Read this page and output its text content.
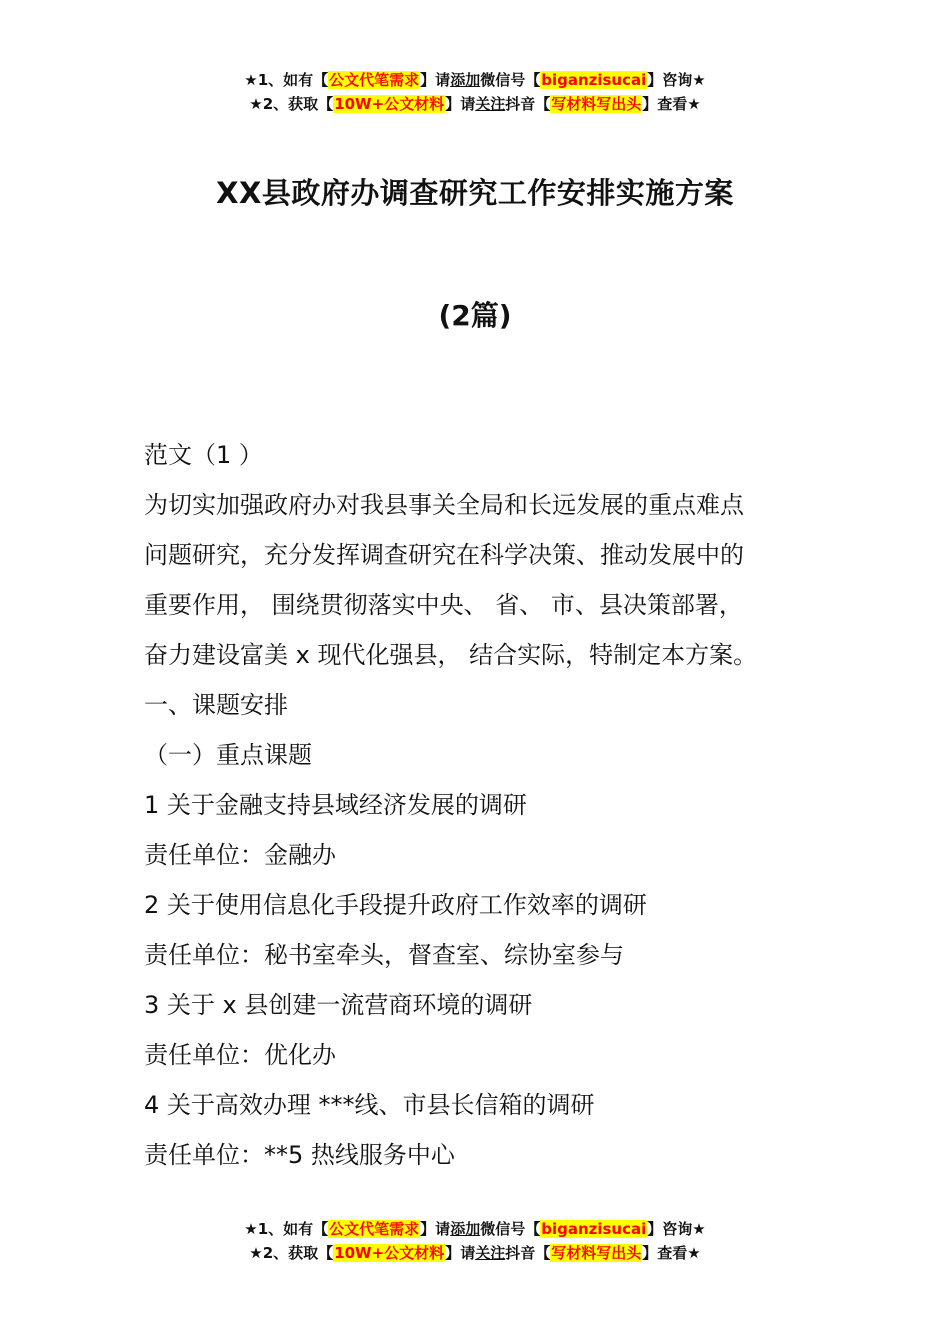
★1、如有【公文代笔需求】请添加微信号【biganzisucai】咨询★
★2、获取【10W+公文材料】请关注抖音【写材料写出头】查看★
XX县政府办调查研究工作安排实施方案
(2篇)

范文（1 ）

为切实加强政府办对我县事关全局和长远发展的重点难点

问题研究，充分发挥调查研究在科学决策、推动发展中的

重要作用， 围绕贯彻落实中央、 省、 市、县决策部署，

奋力建设富美 x 现代化强县， 结合实际，特制定本方案。

一、课题安排

（一）重点课题

1 关于金融支持县域经济发展的调研

责任单位：金融办

2 关于使用信息化手段提升政府工作效率的调研

责任单位：秘书室牵头，督查室、综协室参与

3 关于 x 县创建一流营商环境的调研

责任单位：优化办

4 关于高效办理 ***线、市县长信箱的调研

责任单位：**5 热线服务中心

★1、如有【公文代笔需求】请添加微信号【biganzisucai】咨询★
★2、获取【10W+公文材料】请关注抖音【写材料写出头】查看★
